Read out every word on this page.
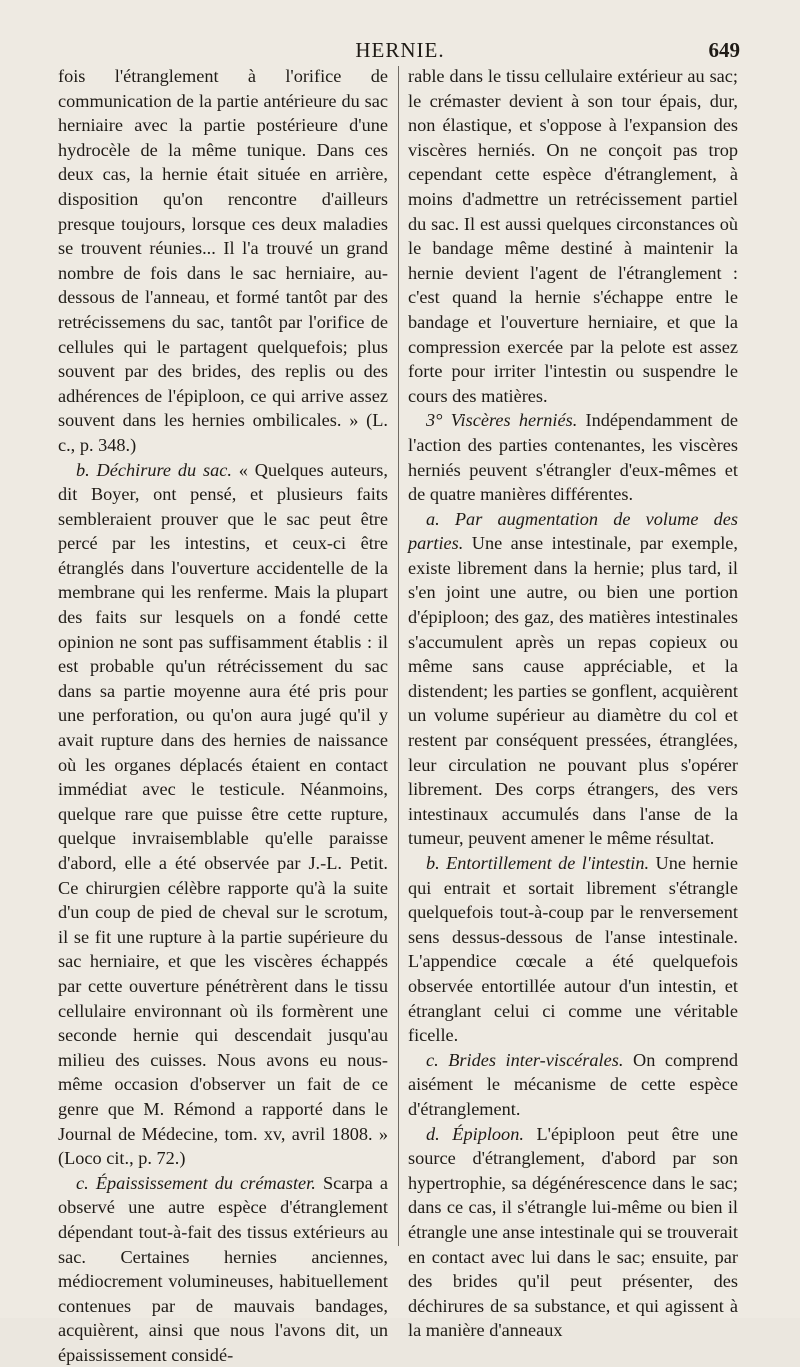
HERNIE.	649

fois l'étranglement à l'orifice de communication de la partie antérieure du sac herniaire avec la partie postérieure d'une hydrocèle de la même tunique. Dans ces deux cas, la hernie était située en arrière, disposition qu'on rencontre d'ailleurs presque toujours, lorsque ces deux maladies se trouvent réunies... Il l'a trouvé un grand nombre de fois dans le sac herniaire, au-dessous de l'anneau, et formé tantôt par des retrécissemens du sac, tantôt par l'orifice de cellules qui le partagent quelquefois; plus souvent par des brides, des replis ou des adhérences de l'épiploon, ce qui arrive assez souvent dans les hernies ombilicales. » (L. c., p. 348.)

b. Déchirure du sac. « Quelques auteurs, dit Boyer, ont pensé, et plusieurs faits sembleraient prouver que le sac peut être percé par les intestins, et ceux-ci être étranglés dans l'ouverture accidentelle de la membrane qui les renferme. Mais la plupart des faits sur lesquels on a fondé cette opinion ne sont pas suffisamment établis : il est probable qu'un rétrécissement du sac dans sa partie moyenne aura été pris pour une perforation, ou qu'on aura jugé qu'il y avait rupture dans des hernies de naissance où les organes déplacés étaient en contact immédiat avec le testicule. Néanmoins, quelque rare que puisse être cette rupture, quelque invraisemblable qu'elle paraisse d'abord, elle a été observée par J.-L. Petit. Ce chirurgien célèbre rapporte qu'à la suite d'un coup de pied de cheval sur le scrotum, il se fit une rupture à la partie supérieure du sac herniaire, et que les viscères échappés par cette ouverture pénétrèrent dans le tissu cellulaire environnant où ils formèrent une seconde hernie qui descendait jusqu'au milieu des cuisses. Nous avons eu nous-même occasion d'observer un fait de ce genre que M. Rémond a rapporté dans le Journal de Médecine, tom. xv, avril 1808. » (Loco cit., p. 72.)

c. Épaississement du crémaster. Scarpa a observé une autre espèce d'étranglement dépendant tout-à-fait des tissus extérieurs au sac. Certaines hernies anciennes, médiocrement volumineuses, habituellement contenues par de mauvais bandages, acquièrent, ainsi que nous l'avons dit, un épaississement considé-

rable dans le tissu cellulaire extérieur au sac; le crémaster devient à son tour épais, dur, non élastique, et s'oppose à l'expansion des viscères herniés. On ne conçoit pas trop cependant cette espèce d'étranglement, à moins d'admettre un retrécissement partiel du sac. Il est aussi quelques circonstances où le bandage même destiné à maintenir la hernie devient l'agent de l'étranglement : c'est quand la hernie s'échappe entre le bandage et l'ouverture herniaire, et que la compression exercée par la pelote est assez forte pour irriter l'intestin ou suspendre le cours des matières.

3° Viscères herniés. Indépendamment de l'action des parties contenantes, les viscères herniés peuvent s'étrangler d'eux-mêmes et de quatre manières différentes.

a. Par augmentation de volume des parties. Une anse intestinale, par exemple, existe librement dans la hernie; plus tard, il s'en joint une autre, ou bien une portion d'épiploon; des gaz, des matières intestinales s'accumulent après un repas copieux ou même sans cause appréciable, et la distendent; les parties se gonflent, acquièrent un volume supérieur au diamètre du col et restent par conséquent pressées, étranglées, leur circulation ne pouvant plus s'opérer librement. Des corps étrangers, des vers intestinaux accumulés dans l'anse de la tumeur, peuvent amener le même résultat.

b. Entortillement de l'intestin. Une hernie qui entrait et sortait librement s'étrangle quelquefois tout-à-coup par le renversement sens dessus-dessous de l'anse intestinale. L'appendice cœcale a été quelquefois observée entortillée autour d'un intestin, et étranglant celui ci comme une véritable ficelle.

c. Brides inter-viscérales. On comprend aisément le mécanisme de cette espèce d'étranglement.

d. Épiploon. L'épiploon peut être une source d'étranglement, d'abord par son hypertrophie, sa dégénérescence dans le sac; dans ce cas, il s'étrangle lui-même ou bien il étrangle une anse intestinale qui se trouverait en contact avec lui dans le sac; ensuite, par des brides qu'il peut présenter, des déchirures de sa substance, et qui agissent à la manière d'anneaux
